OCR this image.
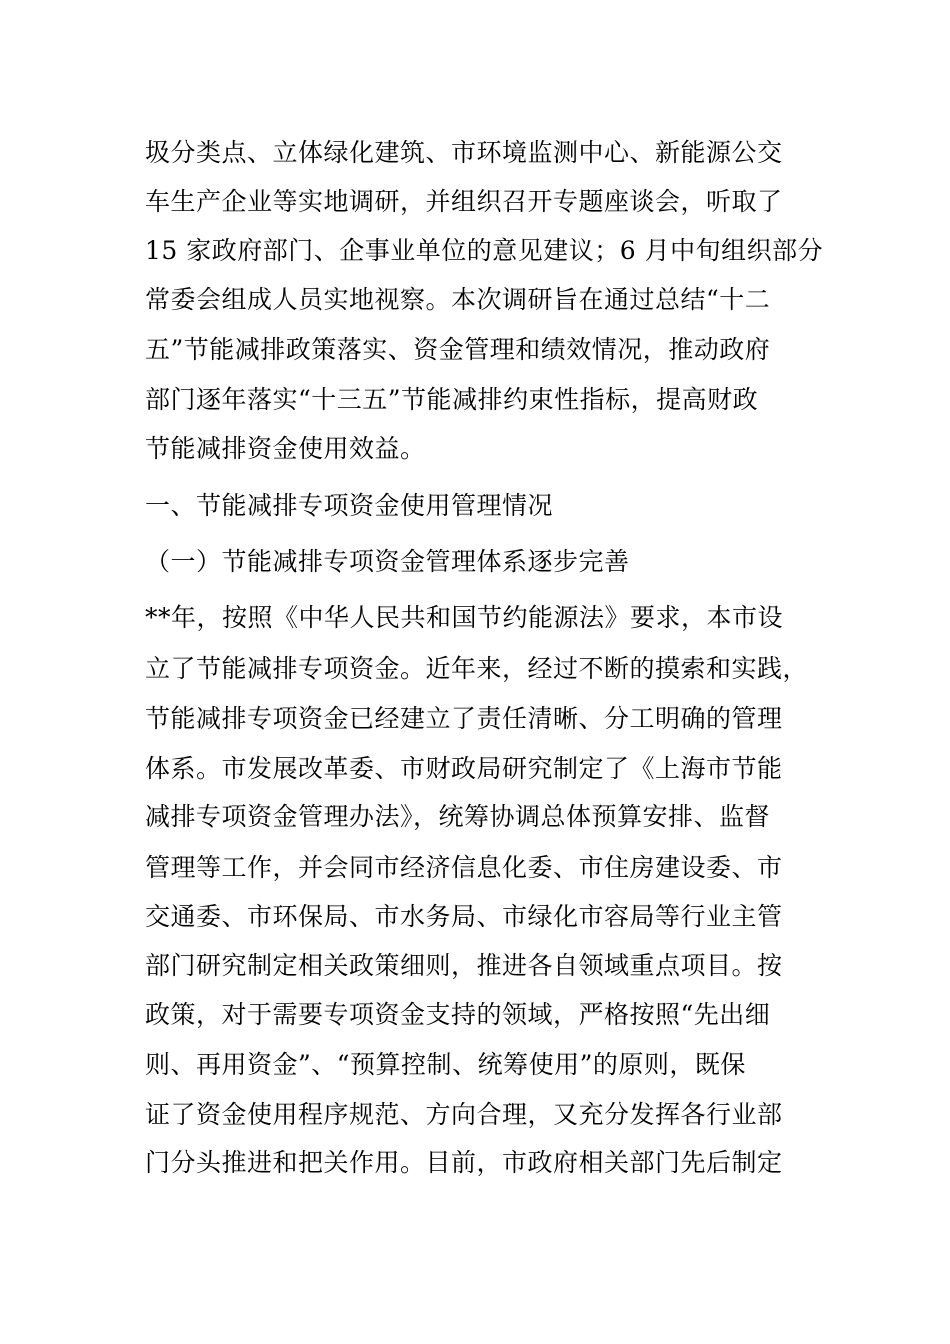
圾分类点、立体绿化建筑、市环境监测中心、新能源公交
车生产企业等实地调研，并组织召开专题座谈会，听取了
15 家政府部门、企事业单位的意见建议；6 月中旬组织部分
常委会组成人员实地视察。本次调研旨在通过总结“十二
五”节能减排政策落实、资金管理和绩效情况，推动政府
部门逐年落实“十三五”节能减排约束性指标，提高财政
节能减排资金使用效益。
一、节能减排专项资金使用管理情况
（一）节能减排专项资金管理体系逐步完善
**年，按照《中华人民共和国节约能源法》要求，本市设
立了节能减排专项资金。近年来，经过不断的摸索和实践，
节能减排专项资金已经建立了责任清晰、分工明确的管理
体系。市发展改革委、市财政局研究制定了《上海市节能
减排专项资金管理办法》，统筹协调总体预算安排、监督
管理等工作，并会同市经济信息化委、市住房建设委、市
交通委、市环保局、市水务局、市绿化市容局等行业主管
部门研究制定相关政策细则，推进各自领域重点项目。按
政策，对于需要专项资金支持的领域，严格按照“先出细
则、再用资金”、“预算控制、统筹使用”的原则，既保
证了资金使用程序规范、方向合理，又充分发挥各行业部
门分头推进和把关作用。目前，市政府相关部门先后制定
